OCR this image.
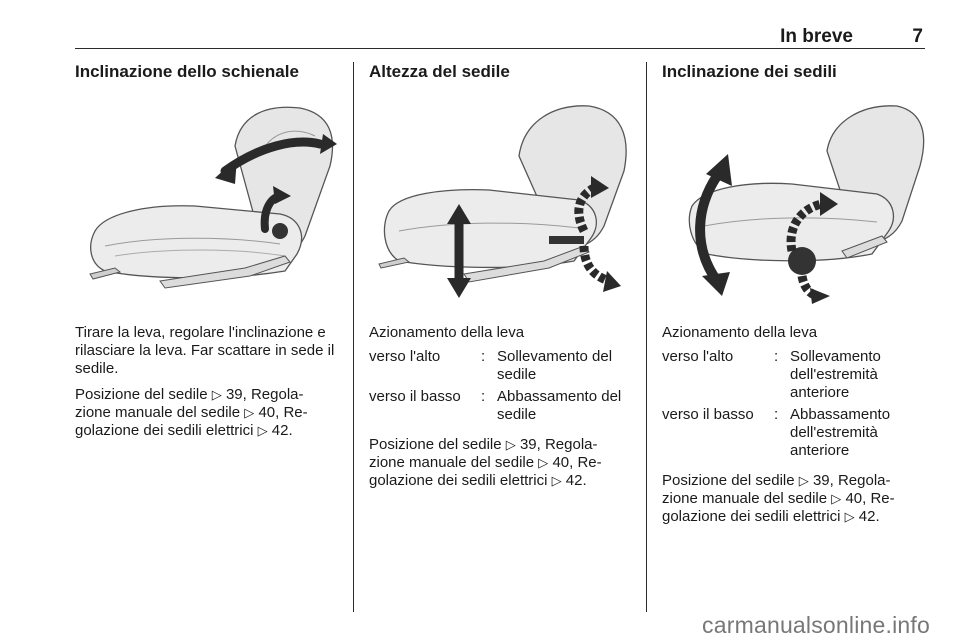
In breve	7
Inclinazione dello schienale

Tirare la leva, regolare l'inclinazione e rilasciare la leva. Far scattare in sede il sedile.

Posizione del sedile ▷ 39, Regola-
zione manuale del sedile ▷ 40, Re-
golazione dei sedili elettrici ▷ 42.

Altezza del sedile

Azionamento della leva

verso l'alto	: Sollevamento del sedile
verso il basso	: Abbassamento del sedile

Posizione del sedile ▷ 39, Regola-
zione manuale del sedile ▷ 40, Re-
golazione dei sedili elettrici ▷ 42.

Inclinazione dei sedili

Azionamento della leva

verso l'alto	: Sollevamento dell'estremità anteriore
verso il basso	: Abbassamento dell'estremità anteriore

Posizione del sedile ▷ 39, Regola-
zione manuale del sedile ▷ 40, Re-
golazione dei sedili elettrici ▷ 42.

carmanualsonline.info
